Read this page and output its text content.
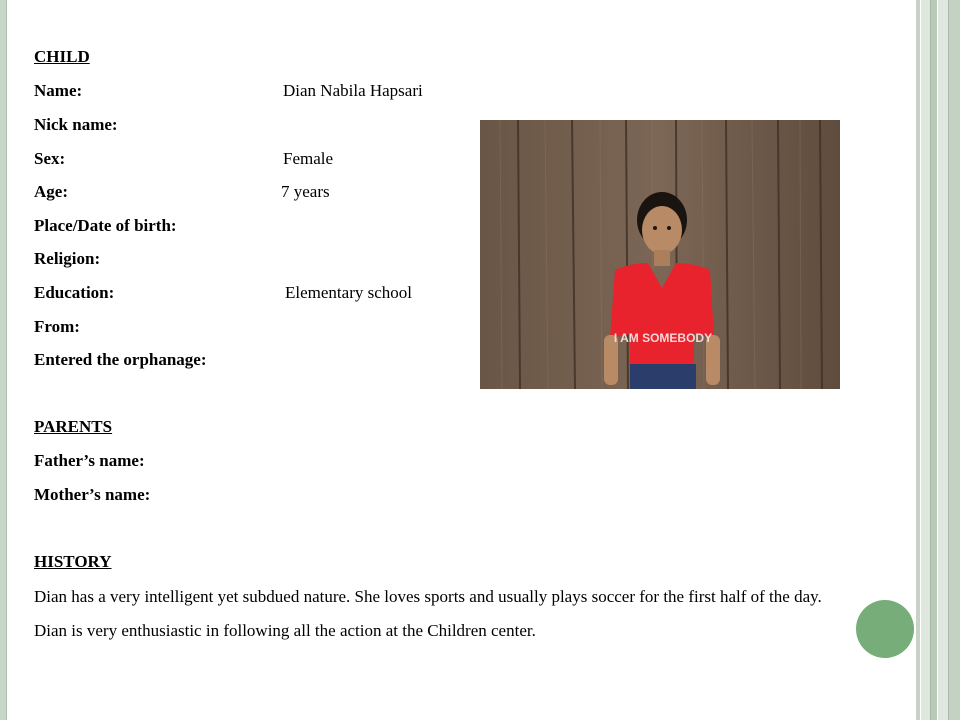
CHILD
Name:	Dian Nabila Hapsari
Nick name:
Sex:	Female
Age:	7 years
Place/Date of birth:
Religion:
Education:	Elementary school
From:
Entered the orphanage:
PARENTS
Father’s name:
Mother’s name:
HISTORY
Dian has a very intelligent yet subdued nature. She loves sports and usually plays soccer for the first half of the day. Dian is very enthusiastic in following all the action at the Children center.
I AM SOMEBODY
